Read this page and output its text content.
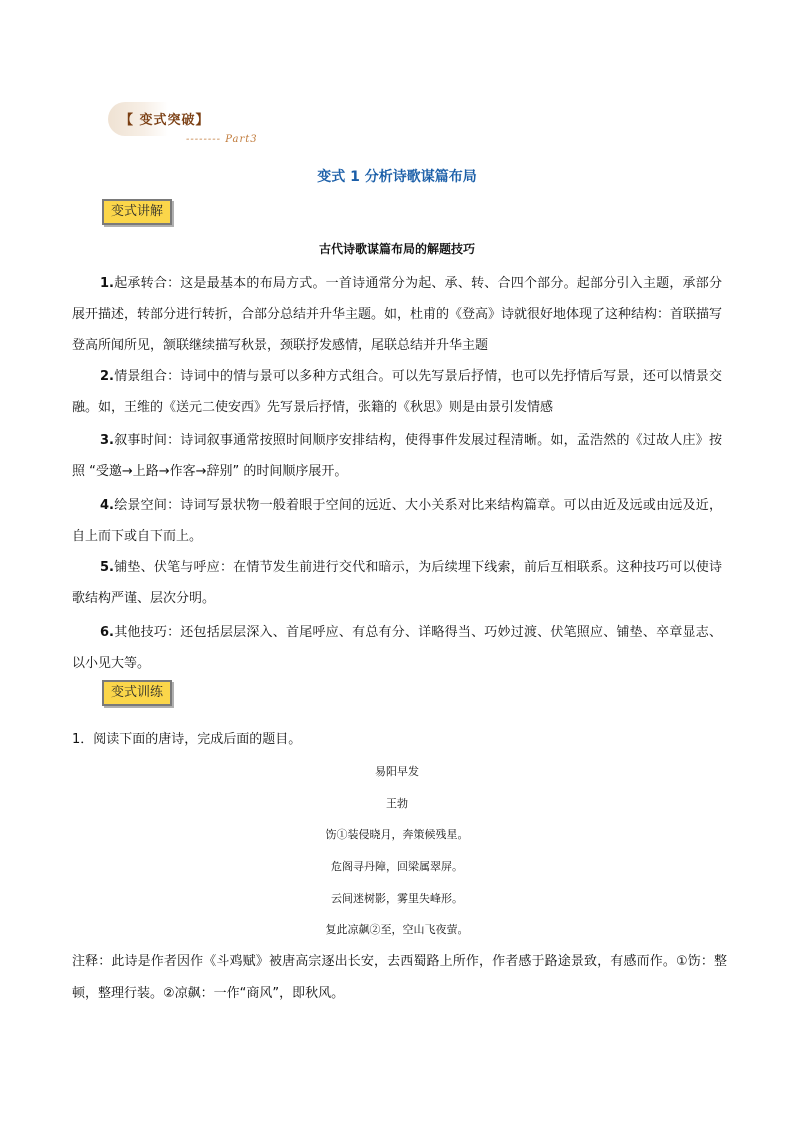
【 变式突破】
-------- Part3
变式 1 分析诗歌谋篇布局
变式讲解
古代诗歌谋篇布局的解题技巧
1.起承转合：这是最基本的布局方式。一首诗通常分为起、承、转、合四个部分。起部分引入主题，承部分展开描述，转部分进行转折，合部分总结并升华主题。如，杜甫的《登高》诗就很好地体现了这种结构：首联描写登高所闻所见，颔联继续描写秋景，颈联抒发感情，尾联总结并升华主题
2.情景组合：诗词中的情与景可以多种方式组合。可以先写景后抒情，也可以先抒情后写景，还可以情景交融。如，王维的《送元二使安西》先写景后抒情，张籍的《秋思》则是由景引发情感
3.叙事时间：诗词叙事通常按照时间顺序安排结构，使得事件发展过程清晰。如，孟浩然的《过故人庄》按照 “受邀→上路→作客→辞别” 的时间顺序展开。
4.绘景空间：诗词写景状物一般着眼于空间的远近、大小关系对比来结构篇章。可以由近及远或由远及近，自上而下或自下而上。
5.铺垫、伏笔与呼应：在情节发生前进行交代和暗示，为后续埋下线索，前后互相联系。这种技巧可以使诗歌结构严谨、层次分明。
6.其他技巧：还包括层层深入、首尾呼应、有总有分、详略得当、巧妙过渡、伏笔照应、铺垫、卒章显志、以小见大等。
变式训练
1．阅读下面的唐诗，完成后面的题目。
易阳早发
王勃
饬①装侵晓月，奔策候残星。
危阁寻丹障，回梁属翠屏。
云间迷树影，雾里失峰形。
复此凉飙②至，空山飞夜萤。
注释：此诗是作者因作《斗鸡赋》被唐高宗逐出长安，去西蜀路上所作，作者感于路途景致，有感而作。①饬：整顿，整理行装。②凉飙：一作“商风”，即秋风。
